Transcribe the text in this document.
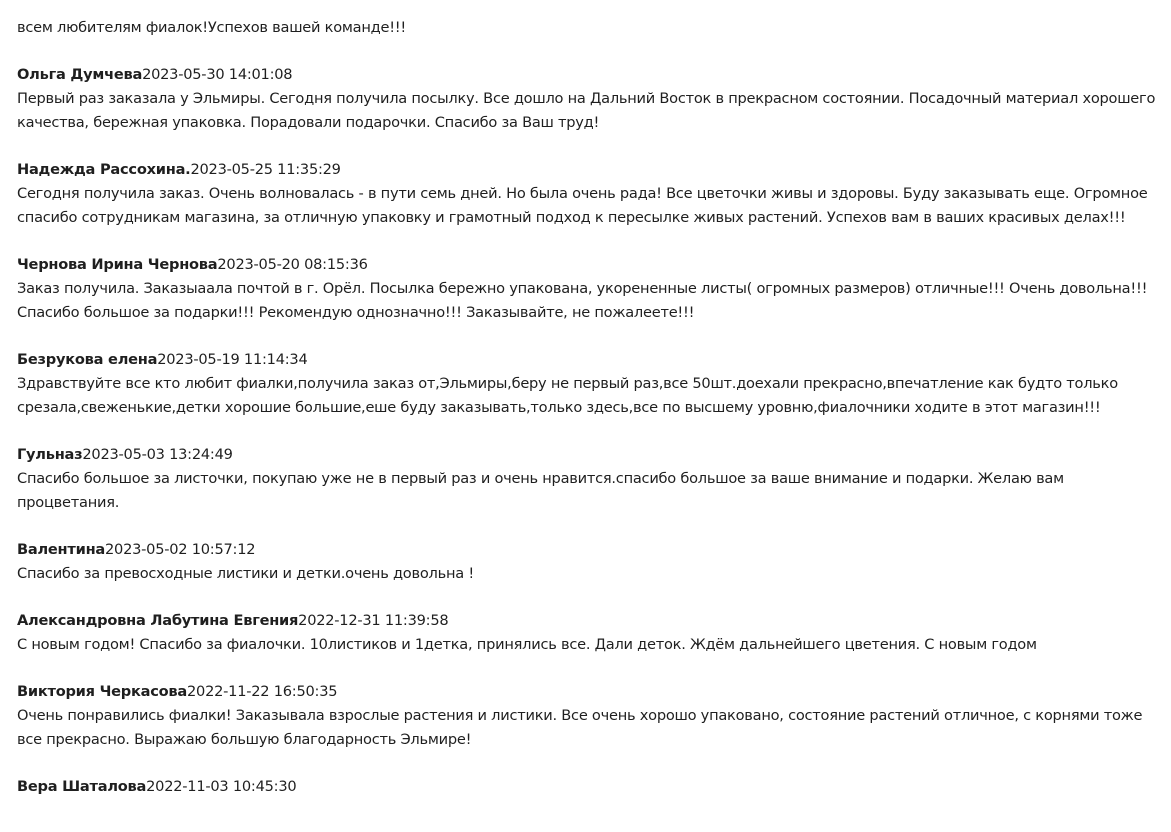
всем любителям фиалок!Успехов вашей команде!!!
Ольга Думчева2023-05-30 14:01:08
Первый раз заказала у Эльмиры. Сегодня получила посылку. Все дошло на Дальний Восток в прекрасном состоянии. Посадочный материал хорошего качества, бережная упаковка. Порадовали подарочки. Спасибо за Ваш труд!
Надежда Рассохина.2023-05-25 11:35:29
Сегодня получила заказ. Очень волновалась - в пути семь дней. Но была очень рада! Все цветочки живы и здоровы. Буду заказывать еще. Огромное спасибо сотрудникам магазина, за отличную упаковку и грамотный подход к пересылке живых растений. Успехов вам в ваших красивых делах!!!
Чернова Ирина Чернова2023-05-20 08:15:36
Заказ получила. Заказыаала почтой в г. Орёл. Посылка бережно упакована, укорененные листы( огромных размеров) отличные!!! Очень довольна!!! Спасибо большое за подарки!!! Рекомендую однозначно!!! Заказывайте, не пожалеете!!!
Безрукова елена2023-05-19 11:14:34
Здравствуйте все кто любит фиалки,получила заказ от,Эльмиры,беру не первый раз,все 50шт.доехали прекрасно,впечатление как будто только срезала,свеженькие,детки хорошие большие,еше буду заказывать,только здесь,все по высшему уровню,фиалочники ходите в этот магазин!!!
Гульназ2023-05-03 13:24:49
Спасибо большое за листочки, покупаю уже не в первый раз и очень нравится.спасибо большое за ваше внимание и подарки. Желаю вам процветания.
Валентина2023-05-02 10:57:12
Спасибо за превосходные листики и детки.очень довольна !
Александровна Лабутина Евгения2022-12-31 11:39:58
С новым годом! Спасибо за фиалочки. 10листиков и 1детка, принялись все. Дали деток. Ждём дальнейшего цветения. С новым годом
Виктория Черкасова2022-11-22 16:50:35
Очень понравились фиалки! Заказывала взрослые растения и листики. Все очень хорошо упаковано, состояние растений отличное, с корнями тоже все прекрасно. Выражаю большую благодарность Эльмире!
Вера Шаталова2022-11-03 10:45:30
